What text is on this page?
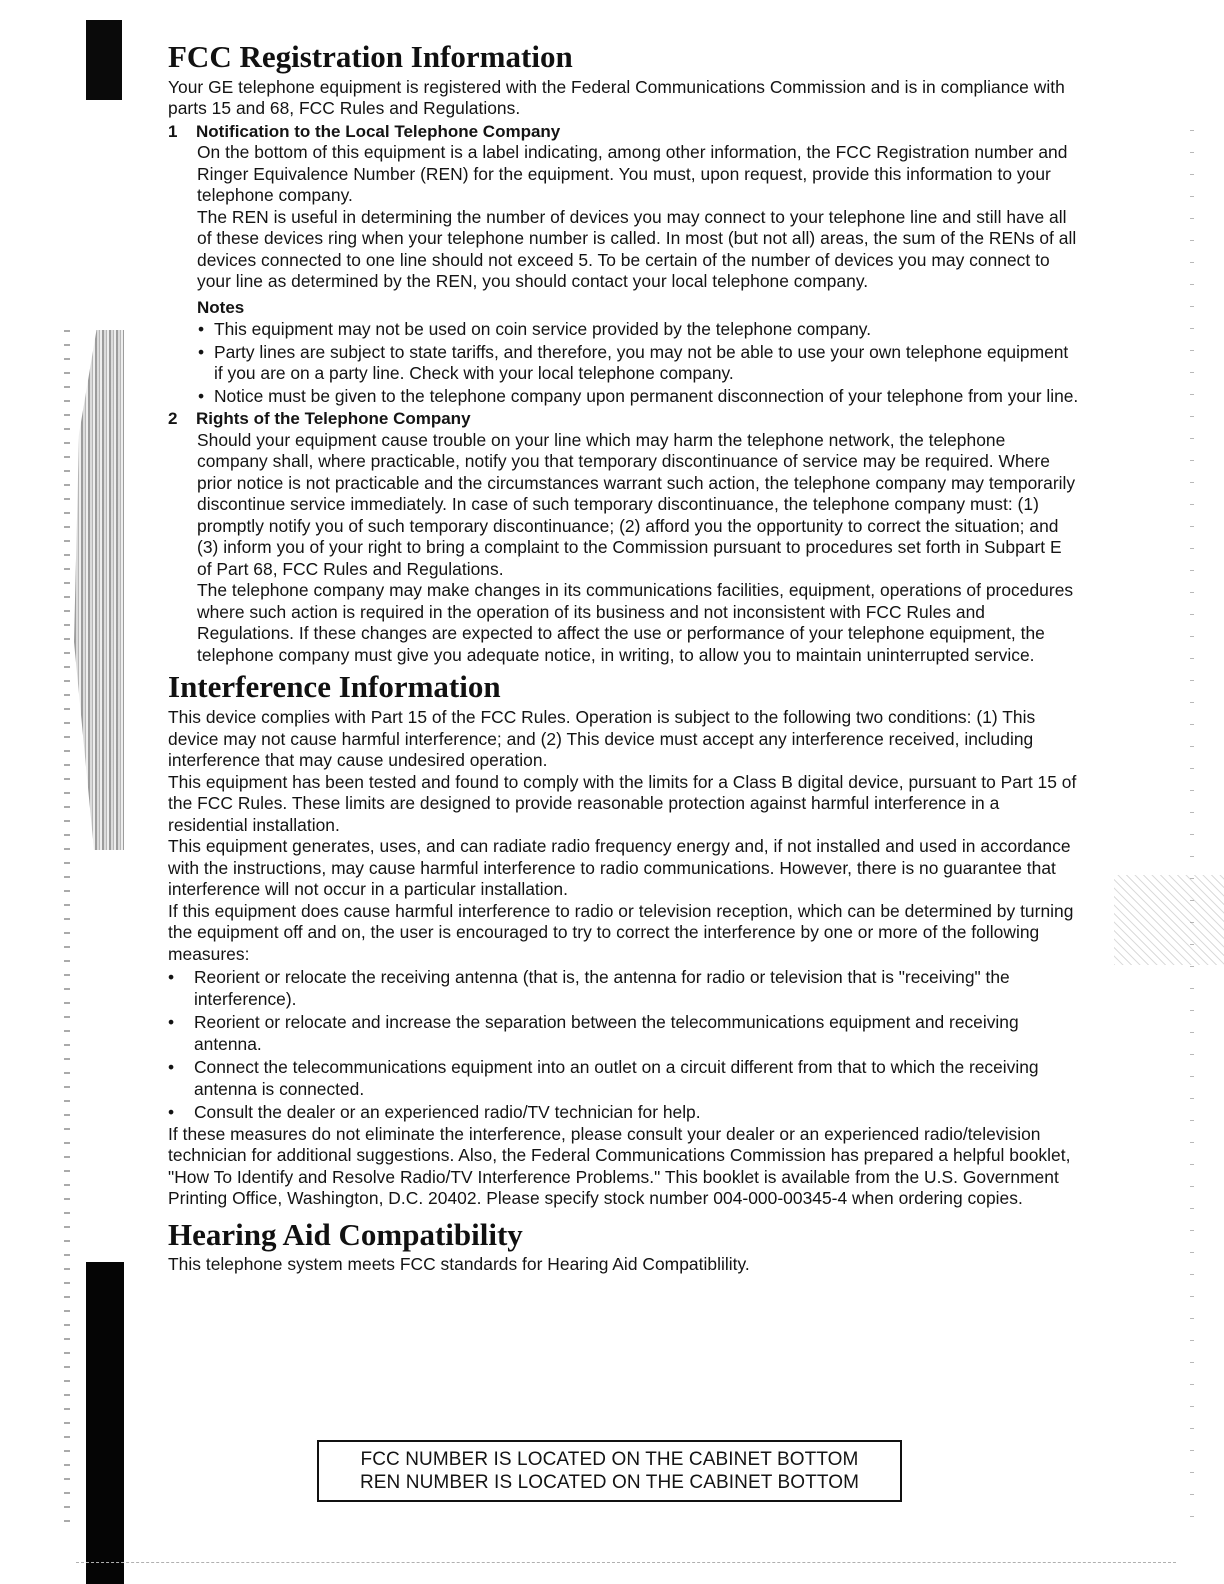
FCC Registration Information

Your GE telephone equipment is registered with the Federal Communications Commission and is in compliance with parts 15 and 68, FCC Rules and Regulations.

1	Notification to the Local Telephone Company

On the bottom of this equipment is a label indicating, among other information, the FCC Registration number and Ringer Equivalence Number (REN) for the equipment. You must, upon request, provide this information to your telephone company.

The REN is useful in determining the number of devices you may connect to your telephone line and still have all of these devices ring when your telephone number is called. In most (but not all) areas, the sum of the RENs of all devices connected to one line should not exceed 5. To be certain of the number of devices you may connect to your line as determined by the REN, you should contact your local telephone company.

Notes
• This equipment may not be used on coin service provided by the telephone company.
• Party lines are subject to state tariffs, and therefore, you may not be able to use your own telephone equipment if you are on a party line. Check with your local telephone company.
• Notice must be given to the telephone company upon permanent disconnection of your telephone from your line.
2	Rights of the Telephone Company

Should your equipment cause trouble on your line which may harm the telephone network, the telephone company shall, where practicable, notify you that temporary discontinuance of service may be required. Where prior notice is not practicable and the circumstances warrant such action, the telephone company may temporarily discontinue service immediately. In case of such temporary discontinuance, the telephone company must: (1) promptly notify you of such temporary discontinuance; (2) afford you the opportunity to correct the situation; and (3) inform you of your right to bring a complaint to the Commission pursuant to procedures set forth in Subpart E of Part 68, FCC Rules and Regulations.

The telephone company may make changes in its communications facilities, equipment, operations of procedures where such action is required in the operation of its business and not inconsistent with FCC Rules and Regulations. If these changes are expected to affect the use or performance of your telephone equipment, the telephone company must give you adequate notice, in writing, to allow you to maintain uninterrupted service.

Interference Information

This device complies with Part 15 of the FCC Rules. Operation is subject to the following two conditions: (1) This device may not cause harmful interference; and (2) This device must accept any interference received, including interference that may cause undesired operation.

This equipment has been tested and found to comply with the limits for a Class B digital device, pursuant to Part 15 of the FCC Rules. These limits are designed to provide reasonable protection against harmful interference in a residential installation.

This equipment generates, uses, and can radiate radio frequency energy and, if not installed and used in accordance with the instructions, may cause harmful interference to radio communications. However, there is no guarantee that interference will not occur in a particular installation.

If this equipment does cause harmful interference to radio or television reception, which can be determined by turning the equipment off and on, the user is encouraged to try to correct the interference by one or more of the following measures:

•	Reorient or relocate the receiving antenna (that is, the antenna for radio or television that is "receiving" the interference).
•	Reorient or relocate and increase the separation between the telecommunications equipment and receiving antenna.
•	Connect the telecommunications equipment into an outlet on a circuit different from that to which the receiving antenna is connected.
•	Consult the dealer or an experienced radio/TV technician for help.

If these measures do not eliminate the interference, please consult your dealer or an experienced radio/television technician for additional suggestions. Also, the Federal Communications Commission has prepared a helpful booklet, "How To Identify and Resolve Radio/TV Interference Problems." This booklet is available from the U.S. Government Printing Office, Washington, D.C. 20402. Please specify stock number 004-000-00345-4 when ordering copies.

Hearing Aid Compatibility

This telephone system meets FCC standards for Hearing Aid Compatiblility.

FCC NUMBER IS LOCATED ON THE CABINET BOTTOM
REN NUMBER IS LOCATED ON THE CABINET BOTTOM
